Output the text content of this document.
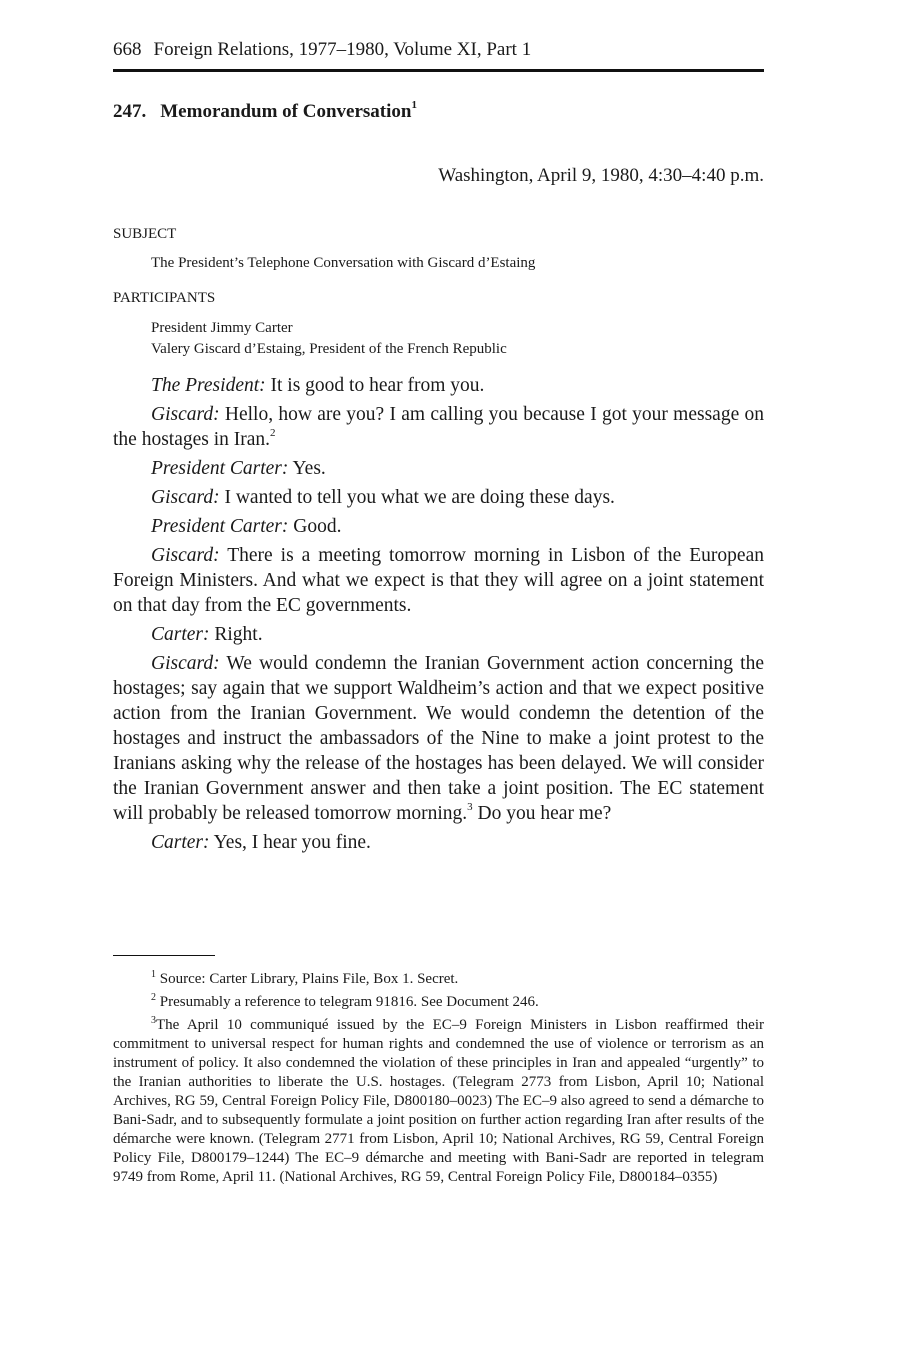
668 Foreign Relations, 1977–1980, Volume XI, Part 1
247. Memorandum of Conversation$^1$
Washington, April 9, 1980, 4:30–4:40 p.m.
SUBJECT
The President’s Telephone Conversation with Giscard d’Estaing
PARTICIPANTS
President Jimmy Carter
Valery Giscard d’Estaing, President of the French Republic

The President: It is good to hear from you.

Giscard: Hello, how are you? I am calling you because I got your message on the hostages in Iran.$^2$

President Carter: Yes.

Giscard: I wanted to tell you what we are doing these days.

President Carter: Good.

Giscard: There is a meeting tomorrow morning in Lisbon of the European Foreign Ministers. And what we expect is that they will agree on a joint statement on that day from the EC governments.

Carter: Right.

Giscard: We would condemn the Iranian Government action concerning the hostages; say again that we support Waldheim’s action and that we expect positive action from the Iranian Government. We would condemn the detention of the hostages and instruct the ambassadors of the Nine to make a joint protest to the Iranians asking why the release of the hostages has been delayed. We will consider the Iranian Government answer and then take a joint position. The EC statement will probably be released tomorrow morning.$^3$ Do you hear me?

Carter: Yes, I hear you fine.

$^1$ Source: Carter Library, Plains File, Box 1. Secret.

$^2$ Presumably a reference to telegram 91816. See Document 246.

$^3$The April 10 communiqué issued by the EC–9 Foreign Ministers in Lisbon reaffirmed their commitment to universal respect for human rights and condemned the use of violence or terrorism as an instrument of policy. It also condemned the violation of these principles in Iran and appealed “urgently” to the Iranian authorities to liberate the U.S. hostages. (Telegram 2773 from Lisbon, April 10; National Archives, RG 59, Central Foreign Policy File, D800180–0023) The EC–9 also agreed to send a démarche to Bani-Sadr, and to subsequently formulate a joint position on further action regarding Iran after results of the démarche were known. (Telegram 2771 from Lisbon, April 10; National Archives, RG 59, Central Foreign Policy File, D800179–1244) The EC–9 démarche and meeting with Bani-Sadr are reported in telegram 9749 from Rome, April 11. (National Archives, RG 59, Central Foreign Policy File, D800184–0355)
